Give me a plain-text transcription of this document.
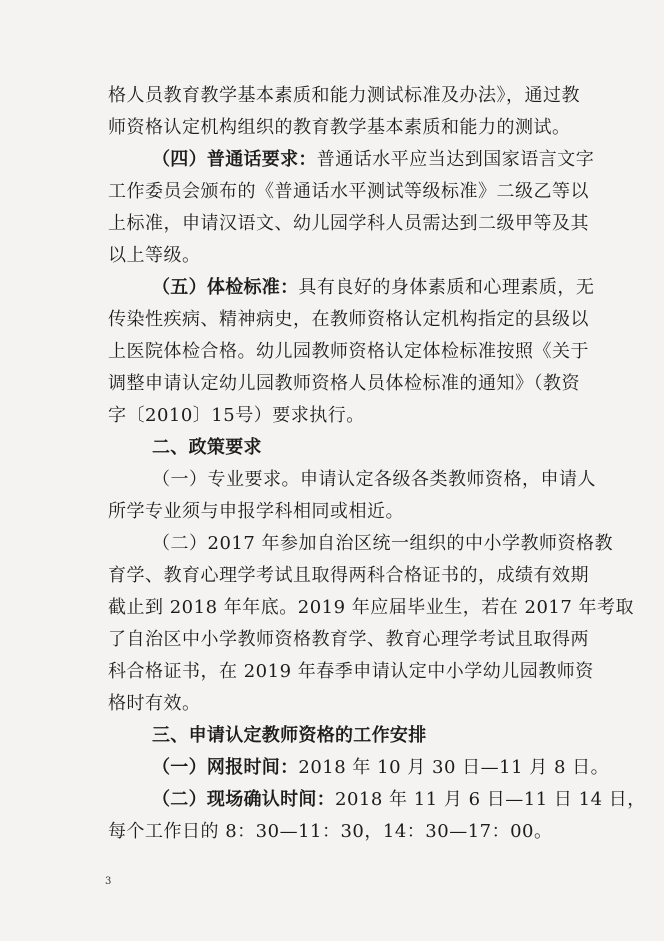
格人员教育教学基本素质和能力测试标准及办法》，通过教
师资格认定机构组织的教育教学基本素质和能力的测试。
（四）普通话要求：普通话水平应当达到国家语言文字
工作委员会颁布的《普通话水平测试等级标准》二级乙等以
上标准，申请汉语文、幼儿园学科人员需达到二级甲等及其
以上等级。
（五）体检标准：具有良好的身体素质和心理素质，无
传染性疾病、精神病史，在教师资格认定机构指定的县级以
上医院体检合格。幼儿园教师资格认定体检标准按照《关于
调整申请认定幼儿园教师资格人员体检标准的通知》（教资
字〔2010〕15号）要求执行。
二、政策要求
（一）专业要求。申请认定各级各类教师资格，申请人
所学专业须与申报学科相同或相近。
（二）2017 年参加自治区统一组织的中小学教师资格教
育学、教育心理学考试且取得两科合格证书的，成绩有效期
截止到 2018 年年底。2019 年应届毕业生，若在 2017 年考取
了自治区中小学教师资格教育学、教育心理学考试且取得两
科合格证书，在 2019 年春季申请认定中小学幼儿园教师资
格时有效。
三、申请认定教师资格的工作安排
（一）网报时间：2018 年 10 月 30 日—11 月 8 日。
（二）现场确认时间：2018 年 11 月 6 日—11 日 14 日，
每个工作日的 8：30—11：30，14：30—17：00。
3
